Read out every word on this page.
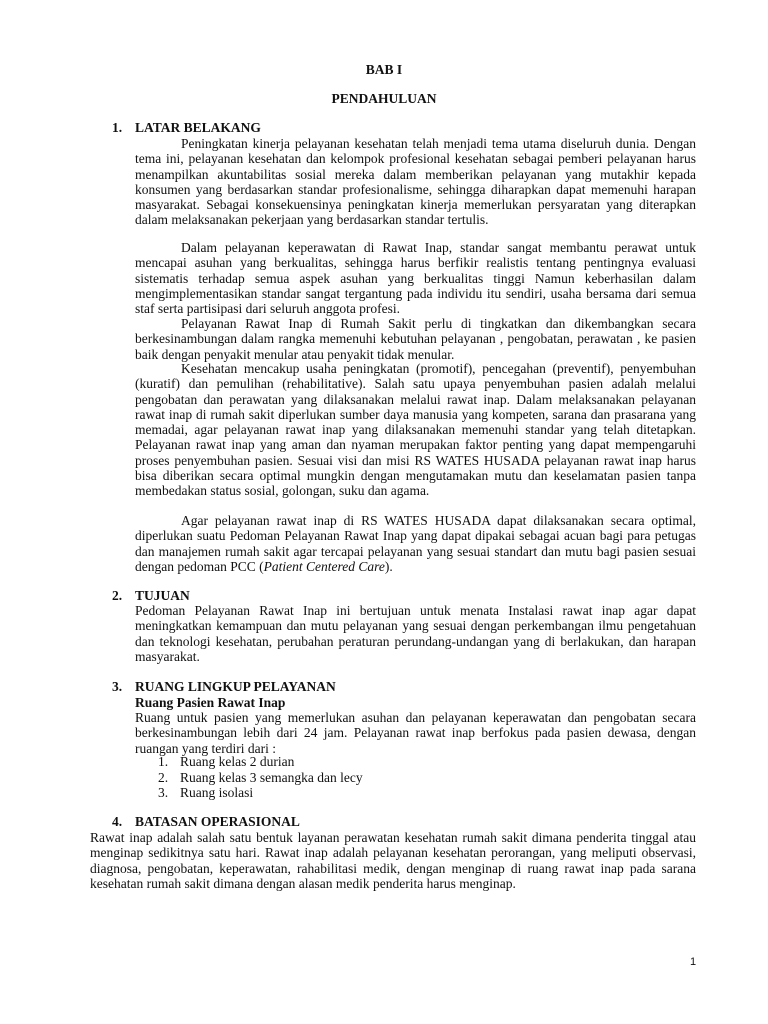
BAB I
PENDAHULUAN
1. LATAR BELAKANG

Peningkatan kinerja pelayanan kesehatan telah menjadi tema utama diseluruh dunia. Dengan tema ini, pelayanan kesehatan dan kelompok profesional kesehatan sebagai pemberi pelayanan harus menampilkan akuntabilitas sosial mereka dalam memberikan pelayanan yang mutakhir kepada konsumen yang berdasarkan standar profesionalisme, sehingga diharapkan dapat memenuhi harapan masyarakat. Sebagai konsekuensinya peningkatan kinerja memerlukan persyaratan yang diterapkan dalam melaksanakan pekerjaan yang berdasarkan standar tertulis.

Dalam pelayanan keperawatan di Rawat Inap, standar sangat membantu perawat untuk mencapai asuhan yang berkualitas, sehingga harus berfikir realistis tentang pentingnya evaluasi sistematis terhadap semua aspek asuhan yang berkualitas tinggi Namun keberhasilan dalam mengimplementasikan standar sangat tergantung pada individu itu sendiri, usaha bersama dari semua staf serta partisipasi dari seluruh anggota profesi.

Pelayanan Rawat Inap di Rumah Sakit perlu di tingkatkan dan dikembangkan secara berkesinambungan dalam rangka memenuhi kebutuhan pelayanan , pengobatan, perawatan , ke pasien baik dengan penyakit menular atau penyakit tidak menular.

Kesehatan mencakup usaha peningkatan (promotif), pencegahan (preventif), penyembuhan (kuratif) dan pemulihan (rehabilitative). Salah satu upaya penyembuhan pasien adalah melalui pengobatan dan perawatan yang dilaksanakan melalui rawat inap. Dalam melaksanakan pelayanan rawat inap di rumah sakit diperlukan sumber daya manusia yang kompeten, sarana dan prasarana yang memadai, agar pelayanan rawat inap yang dilaksanakan memenuhi standar yang telah ditetapkan. Pelayanan rawat inap yang aman dan nyaman merupakan faktor penting yang dapat mempengaruhi proses penyembuhan pasien. Sesuai visi dan misi RS WATES HUSADA pelayanan rawat inap harus bisa diberikan secara optimal mungkin dengan mengutamakan mutu dan keselamatan pasien tanpa membedakan status sosial, golongan, suku dan agama.

Agar pelayanan rawat inap di RS WATES HUSADA dapat dilaksanakan secara optimal, diperlukan suatu Pedoman Pelayanan Rawat Inap yang dapat dipakai sebagai acuan bagi para petugas dan manajemen rumah sakit agar tercapai pelayanan yang sesuai standart dan mutu bagi pasien sesuai dengan pedoman PCC (Patient Centered Care).

2. TUJUAN

Pedoman Pelayanan Rawat Inap ini bertujuan untuk menata Instalasi rawat inap agar dapat meningkatkan kemampuan dan mutu pelayanan yang sesuai dengan perkembangan ilmu pengetahuan dan teknologi kesehatan, perubahan peraturan perundang-undangan yang di berlakukan, dan harapan masyarakat.

3. RUANG LINGKUP PELAYANAN
Ruang Pasien Rawat Inap

Ruang untuk pasien yang memerlukan asuhan dan pelayanan keperawatan dan pengobatan secara berkesinambungan lebih dari 24 jam. Pelayanan rawat inap berfokus pada pasien dewasa, dengan ruangan yang terdiri dari :

1. Ruang kelas 2 durian
2. Ruang kelas 3 semangka dan lecy
3. Ruang isolasi
4. BATASAN OPERASIONAL

Rawat inap adalah salah satu bentuk layanan perawatan kesehatan rumah sakit dimana penderita tinggal atau menginap sedikitnya satu hari. Rawat inap adalah pelayanan kesehatan perorangan, yang meliputi observasi, diagnosa, pengobatan, keperawatan, rahabilitasi medik, dengan menginap di ruang rawat inap pada sarana kesehatan rumah sakit dimana dengan alasan medik penderita harus menginap.

1
